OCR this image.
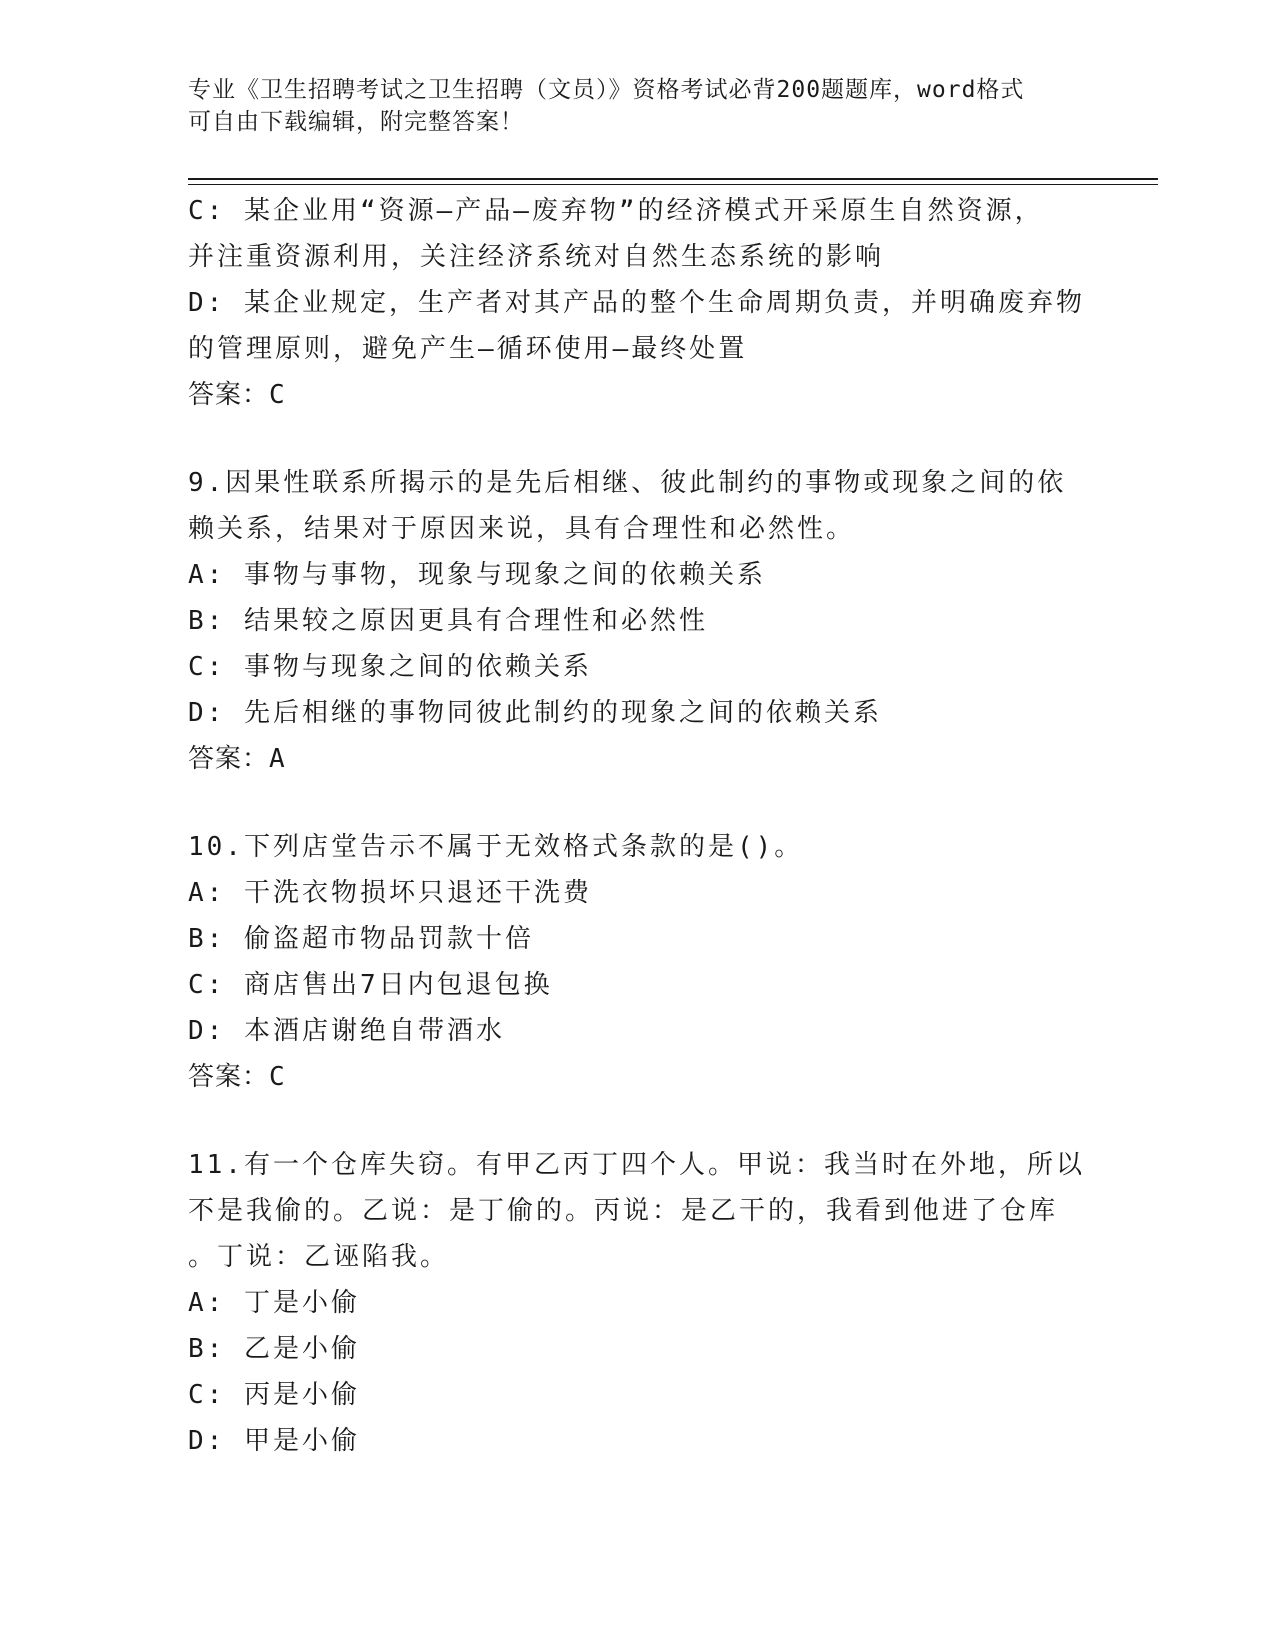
专业《卫生招聘考试之卫生招聘（文员）》资格考试必背200题题库，word格式
可自由下载编辑，附完整答案！
C: 某企业用“资源—产品—废弃物”的经济模式开采原生自然资源，
并注重资源利用，关注经济系统对自然生态系统的影响
D: 某企业规定，生产者对其产品的整个生命周期负责，并明确废弃物
的管理原则，避免产生—循环使用—最终处置
答案：C
9.因果性联系所揭示的是先后相继、彼此制约的事物或现象之间的依
赖关系，结果对于原因来说，具有合理性和必然性。
A: 事物与事物，现象与现象之间的依赖关系
B: 结果较之原因更具有合理性和必然性
C: 事物与现象之间的依赖关系
D: 先后相继的事物同彼此制约的现象之间的依赖关系
答案：A
10.下列店堂告示不属于无效格式条款的是()。
A: 干洗衣物损坏只退还干洗费
B: 偷盗超市物品罚款十倍
C: 商店售出7日内包退包换
D: 本酒店谢绝自带酒水
答案：C
11.有一个仓库失窃。有甲乙丙丁四个人。甲说：我当时在外地，所以
不是我偷的。乙说：是丁偷的。丙说：是乙干的，我看到他进了仓库
。丁说：乙诬陷我。
A: 丁是小偷
B: 乙是小偷
C: 丙是小偷
D: 甲是小偷
